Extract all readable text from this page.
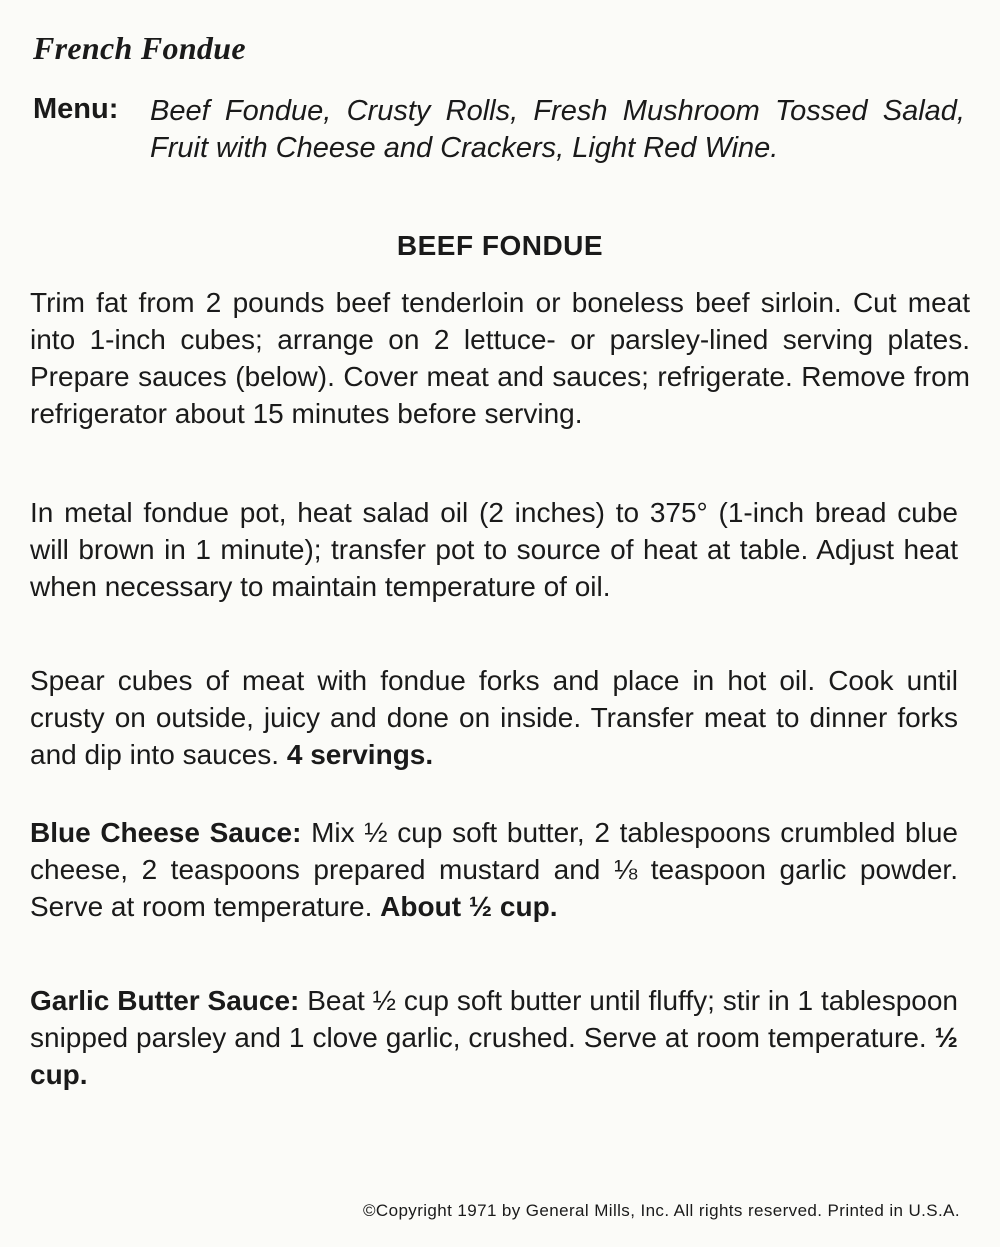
French Fondue
Menu: Beef Fondue, Crusty Rolls, Fresh Mushroom Tossed Salad, Fruit with Cheese and Crackers, Light Red Wine.
BEEF FONDUE

Trim fat from 2 pounds beef tenderloin or boneless beef sirloin. Cut meat into 1-inch cubes; arrange on 2 lettuce- or parsley-lined serving plates. Prepare sauces (below). Cover meat and sauces; refrigerate. Remove from refrigerator about 15 minutes before serving.

In metal fondue pot, heat salad oil (2 inches) to 375° (1-inch bread cube will brown in 1 minute); transfer pot to source of heat at table. Adjust heat when necessary to maintain temperature of oil.

Spear cubes of meat with fondue forks and place in hot oil. Cook until crusty on outside, juicy and done on inside. Transfer meat to dinner forks and dip into sauces. 4 servings.

Blue Cheese Sauce: Mix ½ cup soft butter, 2 tablespoons crumbled blue cheese, 2 teaspoons prepared mustard and ⅛ teaspoon garlic powder. Serve at room temperature. About ½ cup.

Garlic Butter Sauce: Beat ½ cup soft butter until fluffy; stir in 1 tablespoon snipped parsley and 1 clove garlic, crushed. Serve at room temperature. ½ cup.

©Copyright 1971 by General Mills, Inc. All rights reserved. Printed in U.S.A.
